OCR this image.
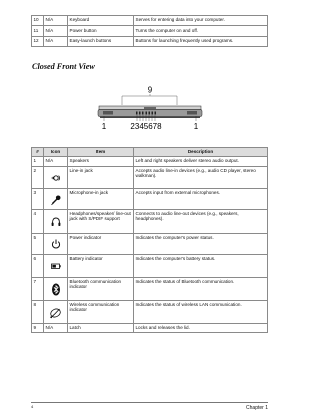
10	N/A	Keyboard	Serves for entering data into your computer.
11	N/A	Power button	Turns the computer on and off.
12	N/A	Easy-launch buttons	Buttons for launching frequently used programs.
Closed Front View
9
1	2345678	1
#	Icon	Item	Description
1	N/A	Speakers	Left and right speakers deliver stereo audio output.
2		Line-in jack	Accepts audio line-in devices (e.g., audio CD player, stereo walkman).
3		Microphone-in jack	Accepts input from external microphones.
4		Headphones/speaker/ line-out jack with S/PDIF support	Connects to audio line-out devices (e.g., speakers, headphones).
5		Power indicator	Indicates the computer's power status.
6		Battery indicator	Indicates the computer's battery status.
7		Bluetooth communication indicator	Indicates the status of Bluetooth communication.
8		Wireless communication indicator	Indicates the status of wireless LAN communication.
9	N/A	Latch	Locks and releases the lid.
4	Chapter 1
